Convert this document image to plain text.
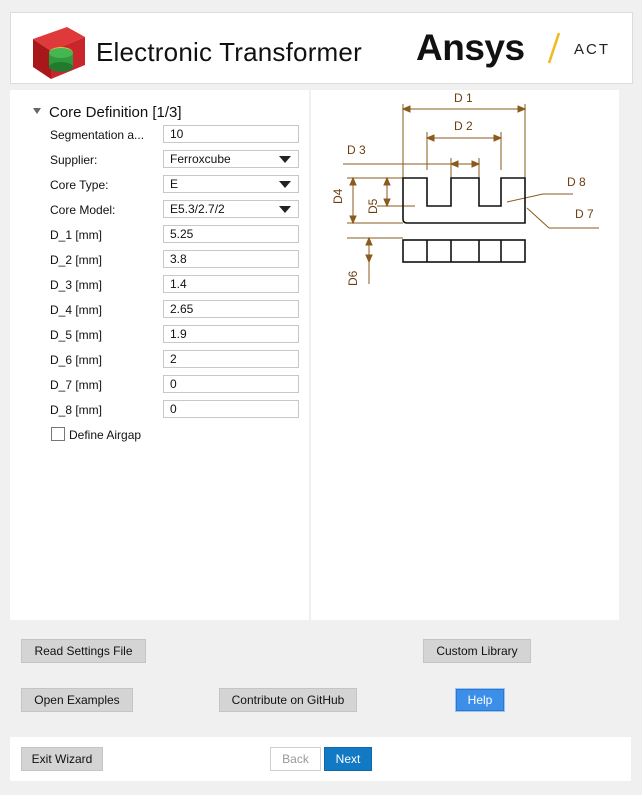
Electronic Transformer Ansys	ACT
Core Definition [1/3]
Segmentation a...	10
Supplier:	Ferroxcube
Core Type:	E
Core Model:	E5.3/2.7/2
D_1 [mm]	5.25
D_2 [mm]	3.8
D_3 [mm]	1.4
D_4 [mm]	2.65
D_5 [mm]	1.9
D_6 [mm]	2
D_7 [mm]	0
D_8 [mm]	0
Define Airgap
D 1
D 2
D 3
D4
D5
D6
D 7
D 8
Read Settings File	Custom Library
Open Examples	Contribute on GitHub	Help
Exit Wizard	Back	Next
